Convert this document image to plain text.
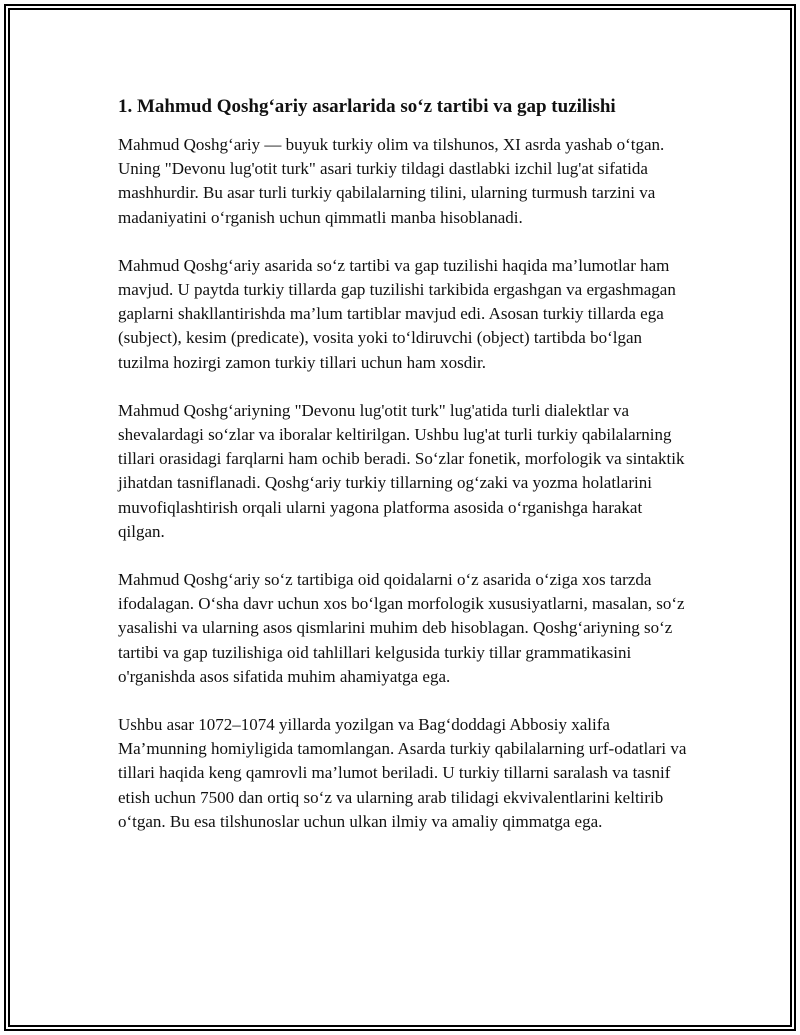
1. Mahmud Qoshg‘ariy asarlarida so‘z tartibi va gap tuzilishi

Mahmud Qoshg‘ariy — buyuk turkiy olim va tilshunos, XI asrda yashab o‘tgan. Uning "Devonu lug'otit turk" asari turkiy tildagi dastlabki izchil lug'at sifatida mashhurdir. Bu asar turli turkiy qabilalarning tilini, ularning turmush tarzini va madaniyatini o‘rganish uchun qimmatli manba hisoblanadi.

Mahmud Qoshg‘ariy asarida so‘z tartibi va gap tuzilishi haqida ma’lumotlar ham mavjud. U paytda turkiy tillarda gap tuzilishi tarkibida ergashgan va ergashmagan gaplarni shakllantirishda ma’lum tartiblar mavjud edi. Asosan turkiy tillarda ega (subject), kesim (predicate), vosita yoki to‘ldiruvchi (object) tartibda bo‘lgan tuzilma hozirgi zamon turkiy tillari uchun ham xosdir.

Mahmud Qoshg‘ariyning "Devonu lug'otit turk" lug'atida turli dialektlar va shevalardagi so‘zlar va iboralar keltirilgan. Ushbu lug'at turli turkiy qabilalarning tillari orasidagi farqlarni ham ochib beradi. So‘zlar fonetik, morfologik va sintaktik jihatdan tasniflanadi. Qoshg‘ariy turkiy tillarning og‘zaki va yozma holatlarini muvofiqlashtirish orqali ularni yagona platforma asosida o‘rganishga harakat qilgan.

Mahmud Qoshg‘ariy so‘z tartibiga oid qoidalarni o‘z asarida o‘ziga xos tarzda ifodalagan. O‘sha davr uchun xos bo‘lgan morfologik xususiyatlarni, masalan, so‘z yasalishi va ularning asos qismlarini muhim deb hisoblagan. Qoshg‘ariyning so‘z tartibi va gap tuzilishiga oid tahlillari kelgusida turkiy tillar grammatikasini o'rganishda asos sifatida muhim ahamiyatga ega.

Ushbu asar 1072–1074 yillarda yozilgan va Bag‘doddagi Abbosiy xalifa Ma’munning homiyligida tamomlangan. Asarda turkiy qabilalarning urf-odatlari va tillari haqida keng qamrovli ma’lumot beriladi. U turkiy tillarni saralash va tasnif etish uchun 7500 dan ortiq so‘z va ularning arab tilidagi ekvivalentlarini keltirib o‘tgan. Bu esa tilshunoslar uchun ulkan ilmiy va amaliy qimmatga ega.
